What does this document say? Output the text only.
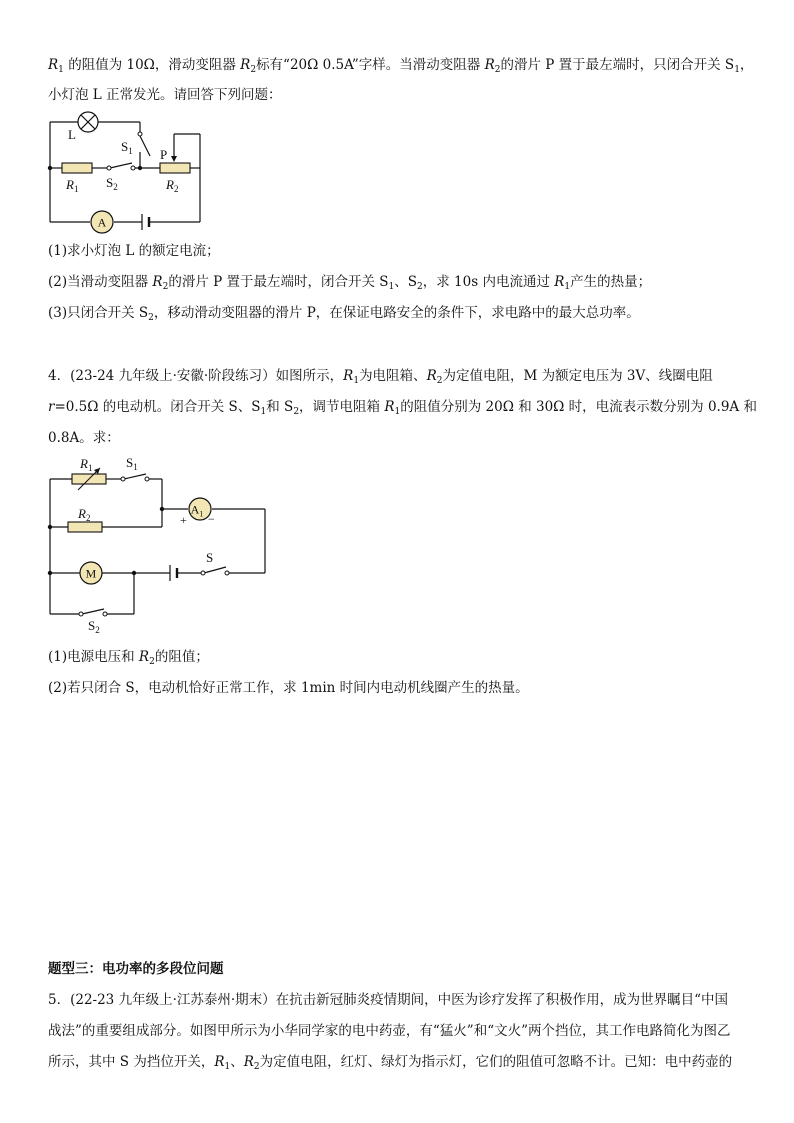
$R_1$ 的阻值为 10Ω，滑动变阻器 $R_2$标有“20Ω 0.5A”字样。当滑动变阻器 $R_2$的滑片 P 置于最左端时，只闭合开关 $S_1$，
小灯泡 L 正常发光。请回答下列问题：
A
L
$S_1$
$R_1$ $S_2$
P
$R_2$
(1)求小灯泡 L 的额定电流；
(2)当滑动变阻器 $R_2$的滑片 P 置于最左端时，闭合开关 $S_1$、$S_2$，求 10s 内电流通过 $R_1$产生的热量；
(3)只闭合开关 $S_2$，移动滑动变阻器的滑片 P，在保证电路安全的条件下，求电路中的最大总功率。
4．(23-24 九年级上·安徽·阶段练习）如图所示，$R_1$为电阻箱、$R_2$为定值电阻，M 为额定电压为 3V、线圈电阻
r=0.5Ω 的电动机。闭合开关 S、$S_1$和 $S_2$，调节电阻箱 $R_1$的阻值分别为 20Ω 和 30Ω 时，电流表示数分别为 0.9A 和
0.8A。求：
$A_1$
+ −
M
$R_1$	$S_1$
$R_2$
S
$S_2$
(1)电源电压和 $R_2$的阻值；
(2)若只闭合 S，电动机恰好正常工作，求 1min 时间内电动机线圈产生的热量。
题型三：电功率的多段位问题
5．(22-23 九年级上·江苏泰州·期末）在抗击新冠肺炎疫情期间，中医为诊疗发挥了积极作用，成为世界瞩目“中国
战法”的重要组成部分。如图甲所示为小华同学家的电中药壶，有“猛火”和“文火”两个挡位，其工作电路简化为图乙
所示，其中 S 为挡位开关，$R_1$、$R_2$为定值电阻，红灯、绿灯为指示灯，它们的阻值可忽略不计。已知：电中药壶的
